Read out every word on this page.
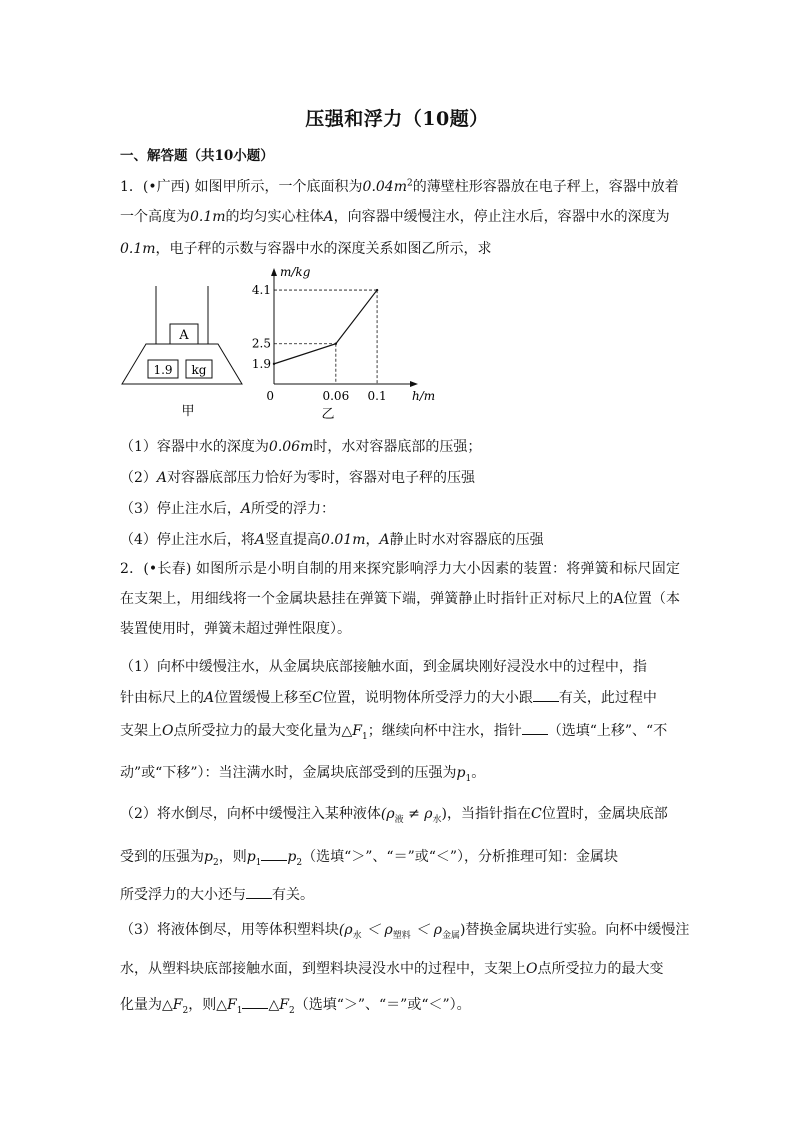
压强和浮力（10题）
一、解答题（共10小题）
1．(•广西) 如图甲所示，一个底面积为$0.04m^2$的薄壁柱形容器放在电子秤上，容器中放着
一个高度为0.1m的均匀实心柱体A，向容器中缓慢注水，停止注水后，容器中水的深度为
0.1m，电子秤的示数与容器中水的深度关系如图乙所示，求
A
1.9 kg
甲
m/kg
h/m
0
1.9
0.06
2.5
0.1
4.1
乙
（1）容器中水的深度为0.06m时，水对容器底部的压强；
（2）A对容器底部压力恰好为零时，容器对电子秤的压强
（3）停止注水后，A所受的浮力：
（4）停止注水后，将A竖直提高0.01m，A静止时水对容器底的压强
2．(•长春) 如图所示是小明自制的用来探究影响浮力大小因素的装置：将弹簧和标尺固定在支架上，用细线将一个金属块悬挂在弹簧下端，弹簧静止时指针正对标尺上的A位置（本装置使用时，弹簧未超过弹性限度）。
（1）向杯中缓慢注水，从金属块底部接触水面，到金属块刚好浸没水中的过程中，指
针由标尺上的A位置缓慢上移至C位置，说明物体所受浮力的大小跟 有关，此过程中
支架上O点所受拉力的最大变化量为$\triangle F_1$；继续向杯中注水，指针 （选填“上移”、“不
动”或“下移”）：当注满水时，金属块底部受到的压强为$p_1$。
（2）将水倒尽，向杯中缓慢注入某种液体$(\rho_液 \ne \rho_水)$，当指针指在C位置时，金属块底部
受到的压强为$p_2$，则$p_1$ $p_2$（选填“＞”、“＝”或“＜”），分析推理可知：金属块
所受浮力的大小还与 有关。
（3）将液体倒尽，用等体积塑料块$(\rho_水 < \rho_{塑料} < \rho_{金属})$替换金属块进行实验。向杯中缓慢注
水，从塑料块底部接触水面，到塑料块浸没水中的过程中，支架上O点所受拉力的最大变
化量为$\triangle F_2$，则$\triangle F_1$ $\triangle F_2$（选填“＞”、“＝”或“＜”）。
